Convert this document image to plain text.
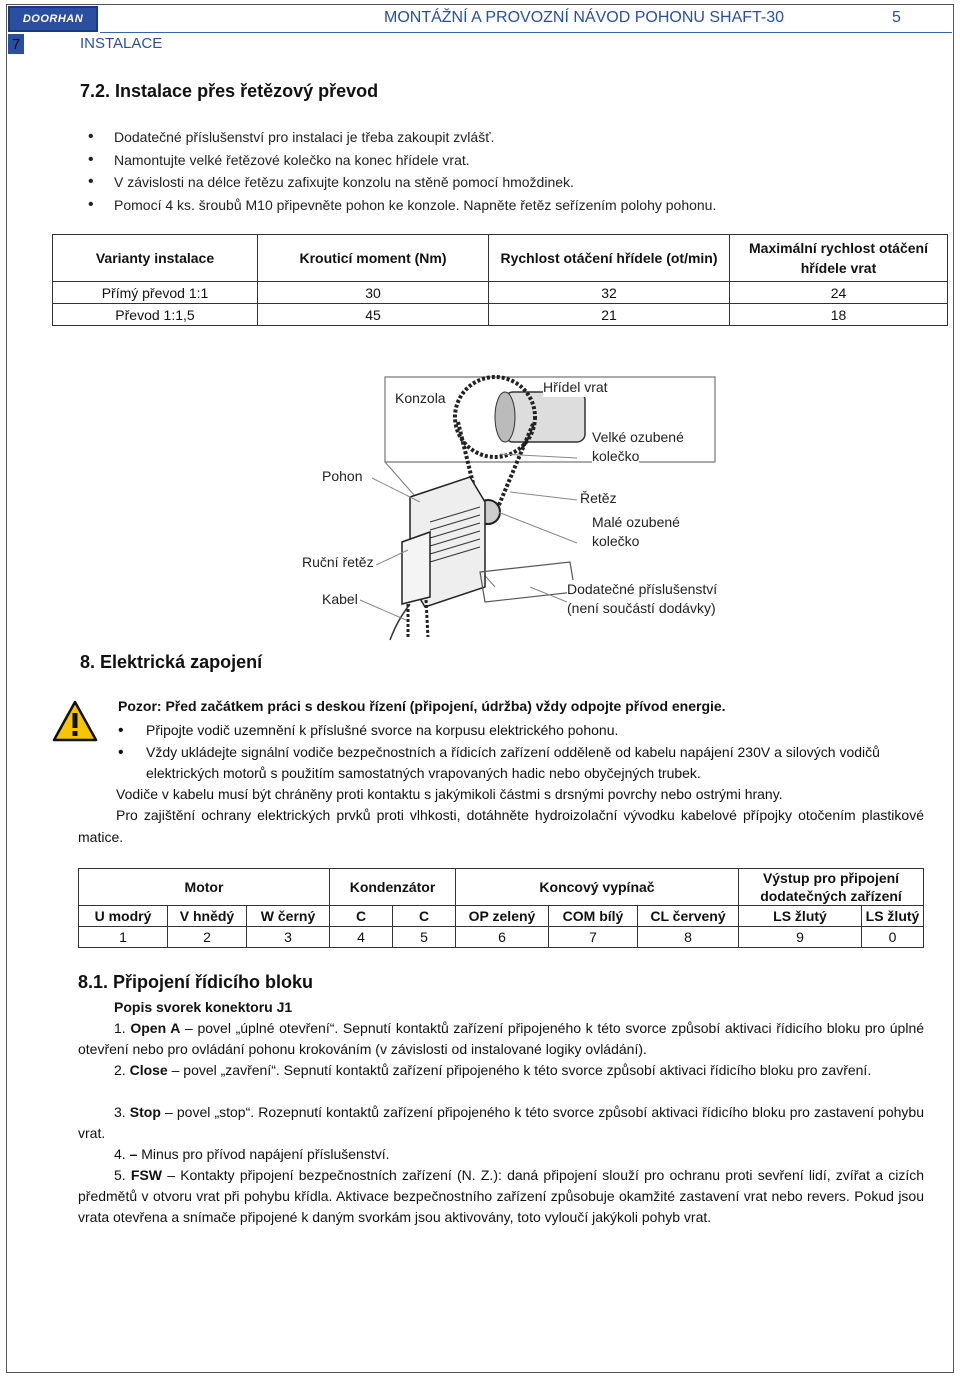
DOORHAN	MONTÁŽNÍ A PROVOZNÍ NÁVOD POHONU SHAFT-30	5
7	INSTALACE
7.2. Instalace přes řetězový převod
• Dodatečné příslušenství pro instalaci je třeba zakoupit zvlášť.
• Namontujte velké řetězové kolečko na konec hřídele vrat.
• V závislosti na délce řetězu zafixujte konzolu na stěně pomocí hmoždinek.
• Pomocí 4 ks. šroubů M10 připevněte pohon ke konzole. Napněte řetěz seřízením polohy pohonu.
Varianty instalace	Krouticí moment (Nm)	Rychlost otáčení hřídele (ot/min)	Maximální rychlost otáčení hřídele vrat
Přímý převod 1:1	30	32	24
Převod 1:1,5	45	21	18
Konzola
Hřídel vrat
Velké ozubené
kolečko
Pohon
Řetěz
Malé ozubené
kolečko
Ruční řetěz
Kabel
Dodatečné příslušenství
(není součástí dodávky)
8. Elektrická zapojení
Pozor: Před začátkem práci s deskou řízení (připojení, údržba) vždy odpojte přívod energie.
• Připojte vodič uzemnění k příslušné svorce na korpusu elektrického pohonu.
• Vždy ukládejte signální vodiče bezpečnostních a řídicích zařízení odděleně od kabelu napájení 230V a silových vodičů elektrických motorů s použitím samostatných vrapovaných hadic nebo obyčejných trubek.
Vodiče v kabelu musí být chráněny proti kontaktu s jakýmikoli částmi s drsnými povrchy nebo ostrými hrany.
Pro zajištění ochrany elektrických prvků proti vlhkosti, dotáhněte hydroizolační vývodku kabelové přípojky otočením plastikové matice.
Motor			Kondenzátor		Koncový vypínač			Výstup pro připojení dodatečných zařízení	
U modrý	V hnědý	W černý	C	C	OP zelený	COM bílý	CL červený	LS žlutý	LS žlutý
1	2	3	4	5	6	7	8	9	0
8.1. Připojení řídicího bloku
Popis svorek konektoru J1
1. Open A – povel „úplné otevření“. Sepnutí kontaktů zařízení připojeného k této svorce způsobí aktivaci řídicího bloku pro úplné otevření nebo pro ovládání pohonu krokováním (v závislosti od instalované logiky ovládání).
2. Close – povel „zavření“. Sepnutí kontaktů zařízení připojeného k této svorce způsobí aktivaci řídicího bloku pro zavření.
3. Stop – povel „stop“. Rozepnutí kontaktů zařízení připojeného k této svorce způsobí aktivaci řídicího bloku pro zastavení pohybu vrat.
4. – Minus pro přívod napájení příslušenství.
5. FSW – Kontakty připojení bezpečnostních zařízení (N. Z.): daná připojení slouží pro ochranu proti sevření lidí, zvířat a cizích předmětů v otvoru vrat při pohybu křídla. Aktivace bezpečnostního zařízení způsobuje okamžité zastavení vrat nebo revers. Pokud jsou vrata otevřena a snímače připojené k daným svorkám jsou aktivovány, toto vyloučí jakýkoli pohyb vrat.
